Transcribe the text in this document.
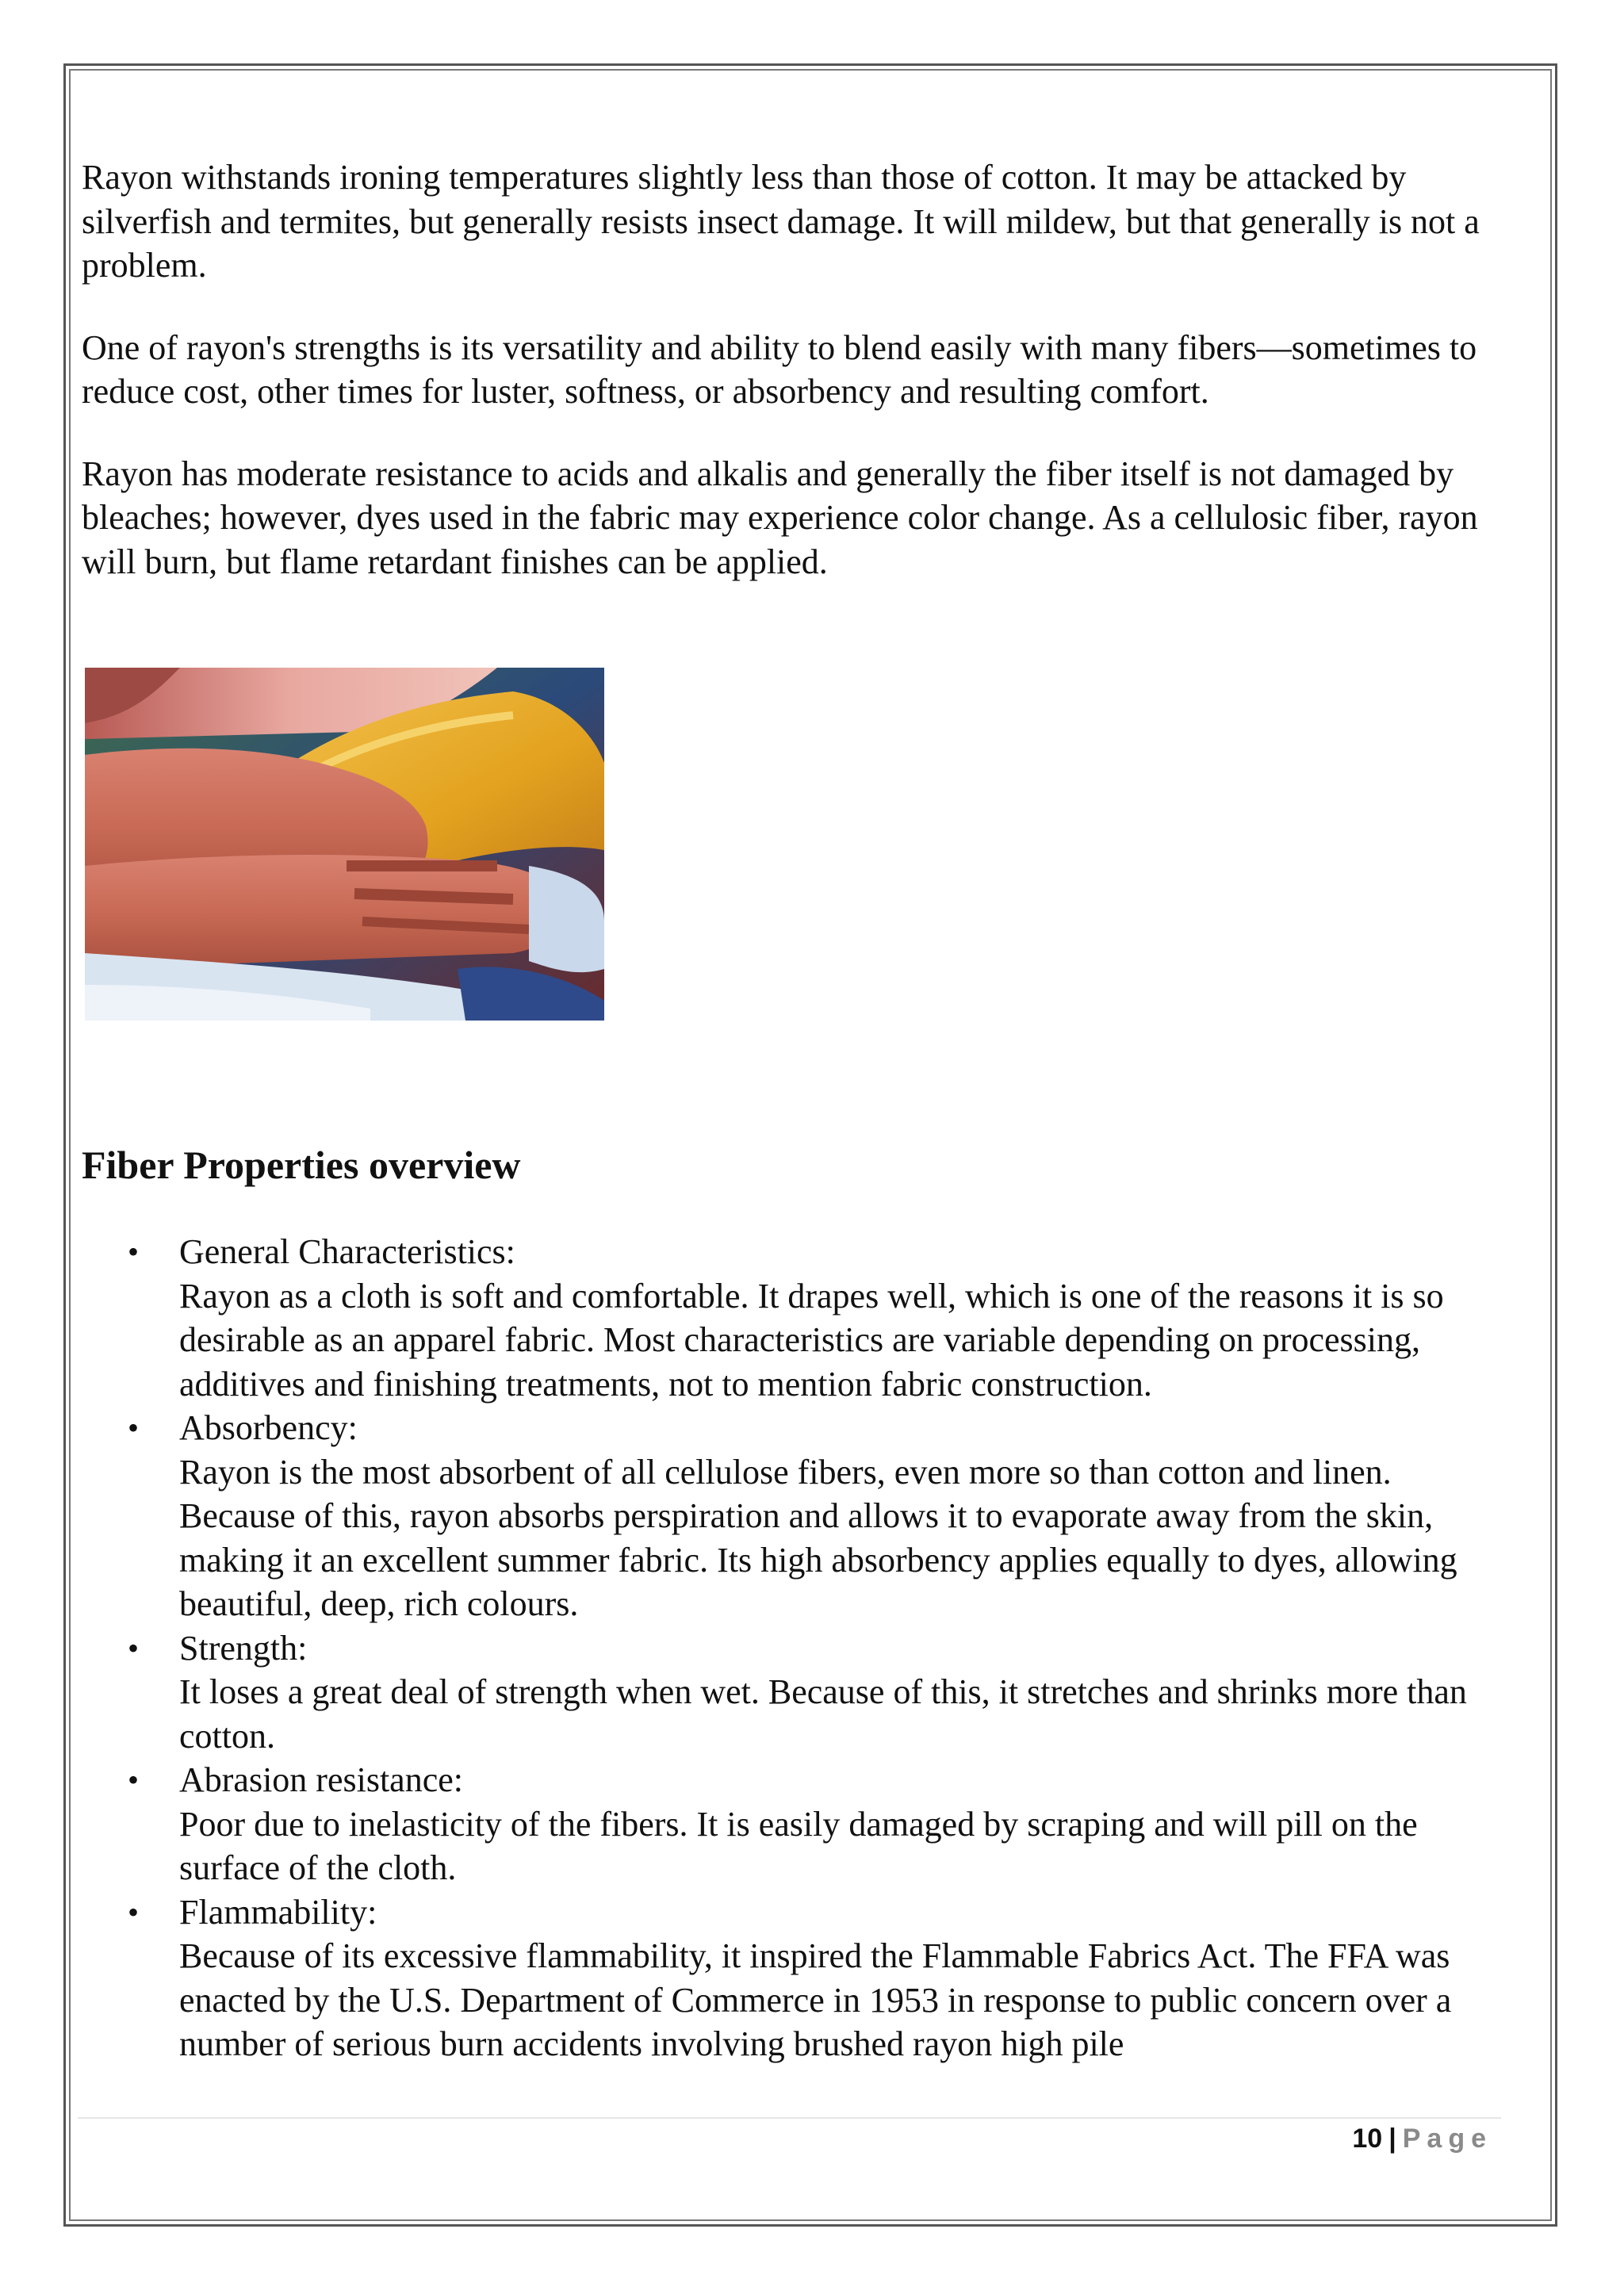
Rayon withstands ironing temperatures slightly less than those of cotton. It may be attacked by silverfish and termites, but generally resists insect damage. It will mildew, but that generally is not a problem.

One of rayon's strengths is its versatility and ability to blend easily with many fibers—sometimes to reduce cost, other times for luster, softness, or absorbency and resulting comfort.

Rayon has moderate resistance to acids and alkalis and generally the fiber itself is not damaged by bleaches; however, dyes used in the fabric may experience color change. As a cellulosic fiber, rayon will burn, but flame retardant finishes can be applied.

Fiber Properties overview
• General Characteristics:
Rayon as a cloth is soft and comfortable. It drapes well, which is one of the reasons it is so desirable as an apparel fabric. Most characteristics are variable depending on processing, additives and finishing treatments, not to mention fabric construction.
• Absorbency:
Rayon is the most absorbent of all cellulose fibers, even more so than cotton and linen. Because of this, rayon absorbs perspiration and allows it to evaporate away from the skin, making it an excellent summer fabric. Its high absorbency applies equally to dyes, allowing beautiful, deep, rich colours.
• Strength:
It loses a great deal of strength when wet. Because of this, it stretches and shrinks more than cotton.
• Abrasion resistance:
Poor due to inelasticity of the fibers. It is easily damaged by scraping and will pill on the surface of the cloth.
• Flammability:
Because of its excessive flammability, it inspired the Flammable Fabrics Act. The FFA was enacted by the U.S. Department of Commerce in 1953 in response to public concern over a number of serious burn accidents involving brushed rayon high pile
10 | Page
